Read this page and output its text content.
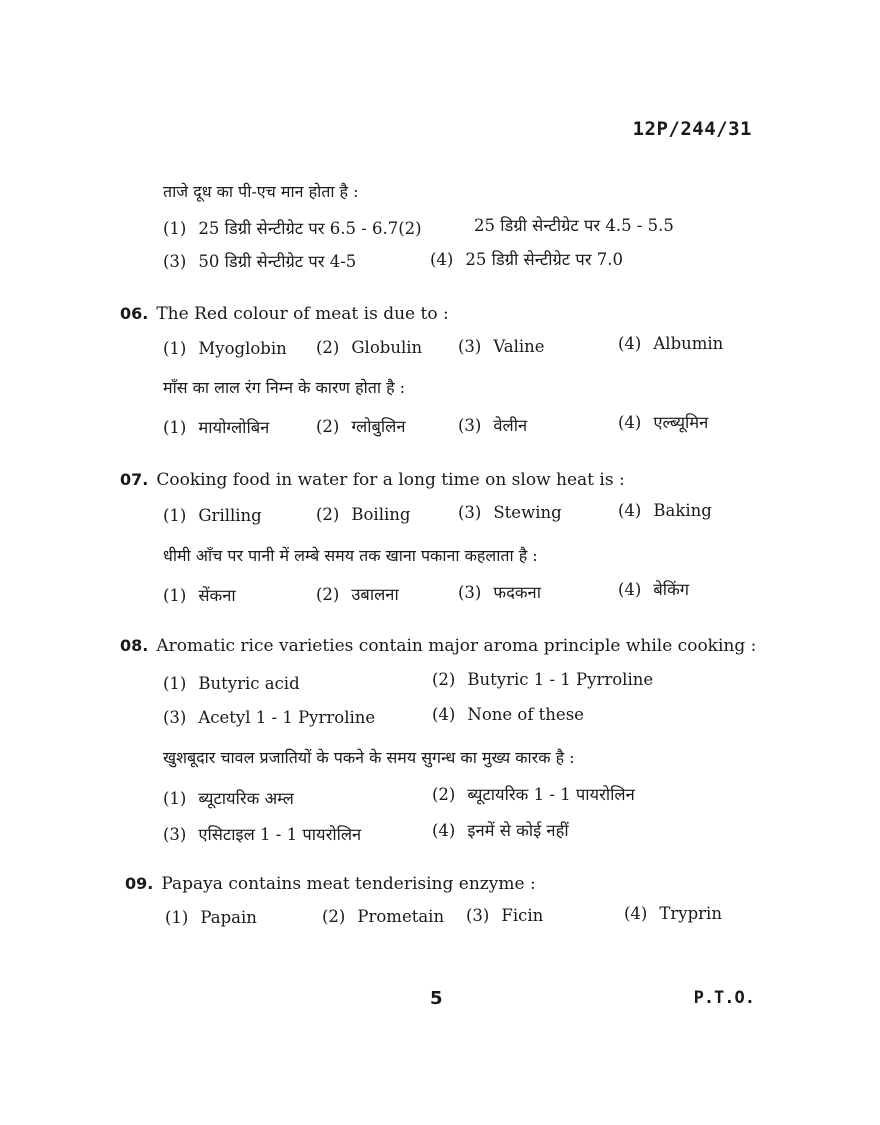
12P/244/31
ताजे दूध का पी-एच मान होता है :
(1) 25 डिग्री सेन्टीग्रेट पर 6.5 - 6.7(2)	25 डिग्री सेन्टीग्रेट पर 4.5 - 5.5
(3) 50 डिग्री सेन्टीग्रेट पर 4-5	(4) 25 डिग्री सेन्टीग्रेट पर 7.0
06. The Red colour of meat is due to :
(1) Myoglobin (2) Globulin (3) Valine	(4) Albumin
माँस का लाल रंग निम्न के कारण होता है :
(1) मायोग्लोबिन	(2) ग्लोबुलिन	(3) वेलीन	(4) एल्ब्यूमिन
07. Cooking food in water for a long time on slow heat is :
(1) Grilling	(2) Boiling	(3) Stewing	(4) Baking
धीमी आँच पर पानी में लम्बे समय तक खाना पकाना कहलाता है :
(1) सेंकना	(2) उबालना	(3) फदकना	(4) बेकिंग
08. Aromatic rice varieties contain major aroma principle while cooking :
(1) Butyric acid	(2) Butyric 1 - 1 Pyrroline
(3) Acetyl 1 - 1 Pyrroline	(4) None of these
खुशबूदार चावल प्रजातियों के पकने के समय सुगन्ध का मुख्य कारक है :
(1) ब्यूटायरिक अम्ल	(2) ब्यूटायरिक 1 - 1 पायरोलिन
(3) एसिटाइल 1 - 1 पायरोलिन	(4) इनमें से कोई नहीं
09. Papaya contains meat tenderising enzyme :
(1) Papain	(2) Prometain (3) Ficin	(4) Tryprin
5	P.T.O.
